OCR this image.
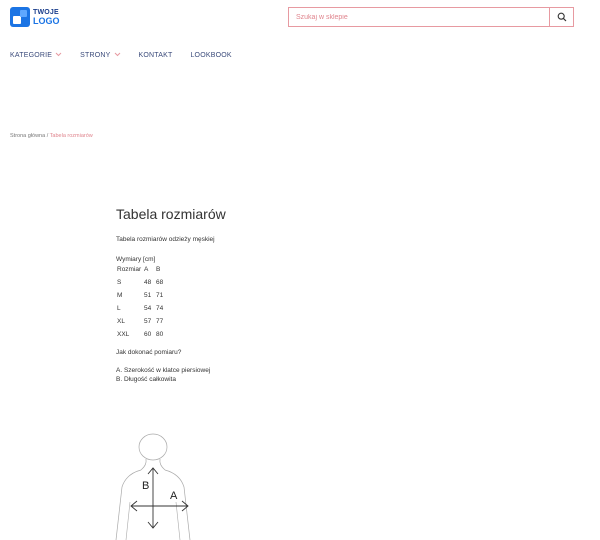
TWOJE
LOGO
Szukaj w sklepie
KATEGORIE	STRONY	KONTAKT	LOOKBOOK
Strona główna / Tabela rozmiarów
Tabela rozmiarów
Tabela rozmiarów odzieży męskiej
Wymiary [cm]
Rozmiar	A	B
S	48	68
M	51	71
L	54	74
XL	57	77
XXL	60	80
Jak dokonać pomiaru?
A. Szerokość w klatce piersiowej
B. Długość całkowita
B
A
